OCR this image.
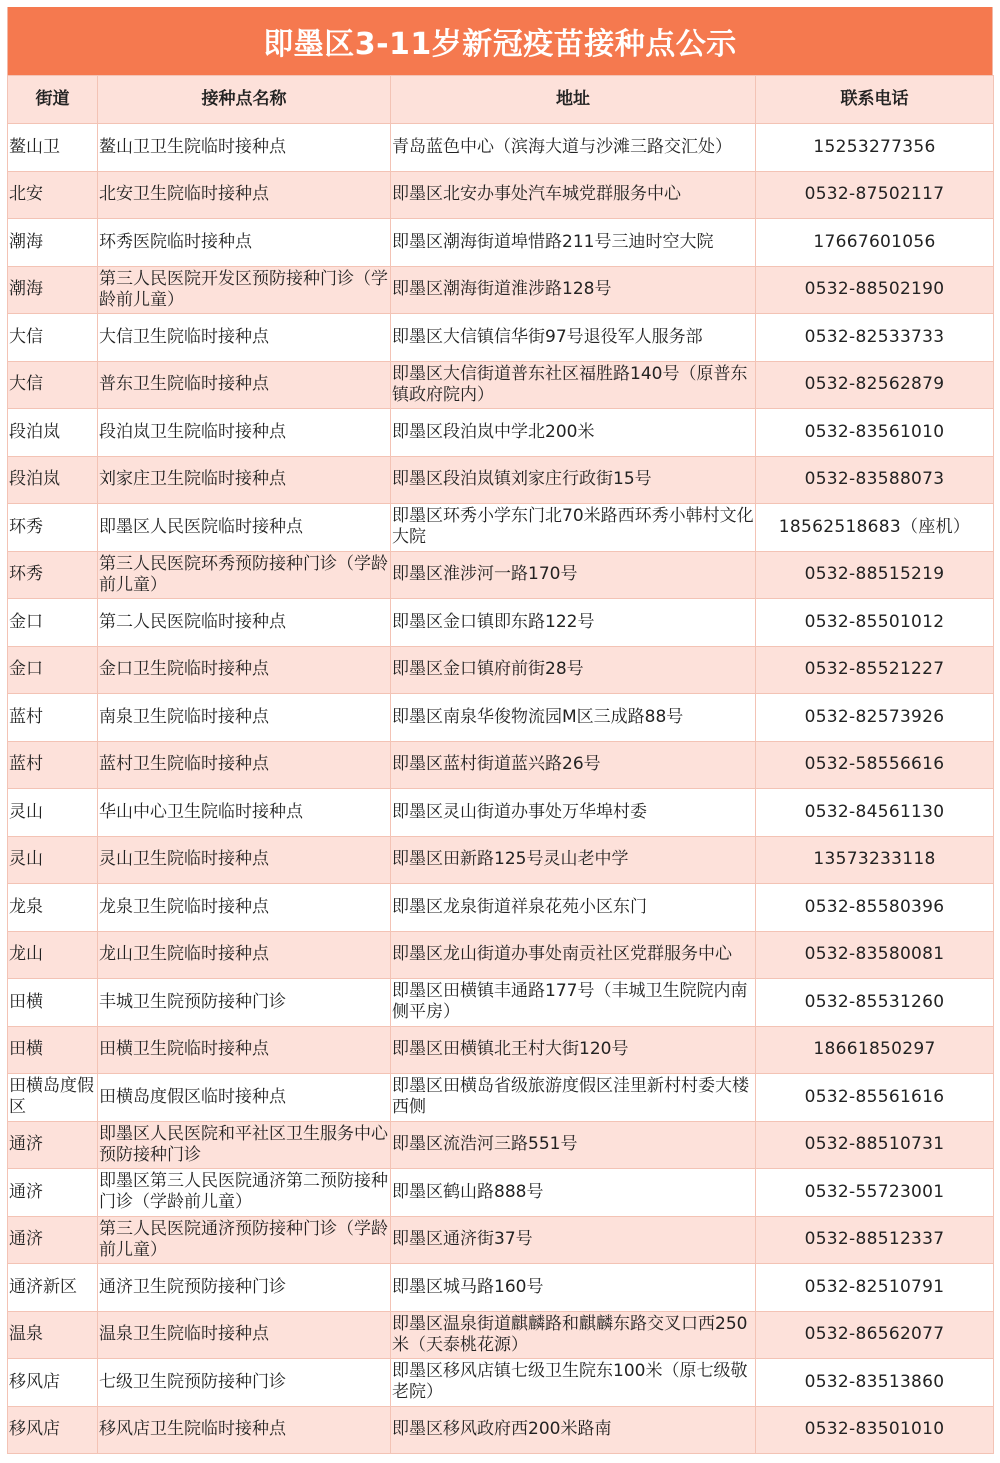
即墨区3-11岁新冠疫苗接种点公示
街道	接种点名称	地址	联系电话
鳌山卫	鳌山卫卫生院临时接种点	青岛蓝色中心（滨海大道与沙滩三路交汇处）	15253277356
北安	北安卫生院临时接种点	即墨区北安办事处汽车城党群服务中心	0532-87502117
潮海	环秀医院临时接种点	即墨区潮海街道埠惜路211号三迪时空大院	17667601056
潮海	第三人民医院开发区预防接种门诊（学龄前儿童）	即墨区潮海街道淮涉路128号	0532-88502190
大信	大信卫生院临时接种点	即墨区大信镇信华街97号退役军人服务部	0532-82533733
大信	普东卫生院临时接种点	即墨区大信街道普东社区福胜路140号（原普东镇政府院内）	0532-82562879
段泊岚	段泊岚卫生院临时接种点	即墨区段泊岚中学北200米	0532-83561010
段泊岚	刘家庄卫生院临时接种点	即墨区段泊岚镇刘家庄行政街15号	0532-83588073
环秀	即墨区人民医院临时接种点	即墨区环秀小学东门北70米路西环秀小韩村文化大院	18562518683（座机）
环秀	第三人民医院环秀预防接种门诊（学龄前儿童）	即墨区淮涉河一路170号	0532-88515219
金口	第二人民医院临时接种点	即墨区金口镇即东路122号	0532-85501012
金口	金口卫生院临时接种点	即墨区金口镇府前街28号	0532-85521227
蓝村	南泉卫生院临时接种点	即墨区南泉华俊物流园M区三成路88号	0532-82573926
蓝村	蓝村卫生院临时接种点	即墨区蓝村街道蓝兴路26号	0532-58556616
灵山	华山中心卫生院临时接种点	即墨区灵山街道办事处万华埠村委	0532-84561130
灵山	灵山卫生院临时接种点	即墨区田新路125号灵山老中学	13573233118
龙泉	龙泉卫生院临时接种点	即墨区龙泉街道祥泉花苑小区东门	0532-85580396
龙山	龙山卫生院临时接种点	即墨区龙山街道办事处南贡社区党群服务中心	0532-83580081
田横	丰城卫生院预防接种门诊	即墨区田横镇丰通路177号（丰城卫生院院内南侧平房）	0532-85531260
田横	田横卫生院临时接种点	即墨区田横镇北王村大街120号	18661850297
田横岛度假区	田横岛度假区临时接种点	即墨区田横岛省级旅游度假区洼里新村村委大楼西侧	0532-85561616
通济	即墨区人民医院和平社区卫生服务中心预防接种门诊	即墨区流浩河三路551号	0532-88510731
通济	即墨区第三人民医院通济第二预防接种门诊（学龄前儿童）	即墨区鹤山路888号	0532-55723001
通济	第三人民医院通济预防接种门诊（学龄前儿童）	即墨区通济街37号	0532-88512337
通济新区	通济卫生院预防接种门诊	即墨区城马路160号	0532-82510791
温泉	温泉卫生院临时接种点	即墨区温泉街道麒麟路和麒麟东路交叉口西250米（天泰桃花源）	0532-86562077
移风店	七级卫生院预防接种门诊	即墨区移风店镇七级卫生院东100米（原七级敬老院）	0532-83513860
移风店	移风店卫生院临时接种点	即墨区移风政府西200米路南	0532-83501010
